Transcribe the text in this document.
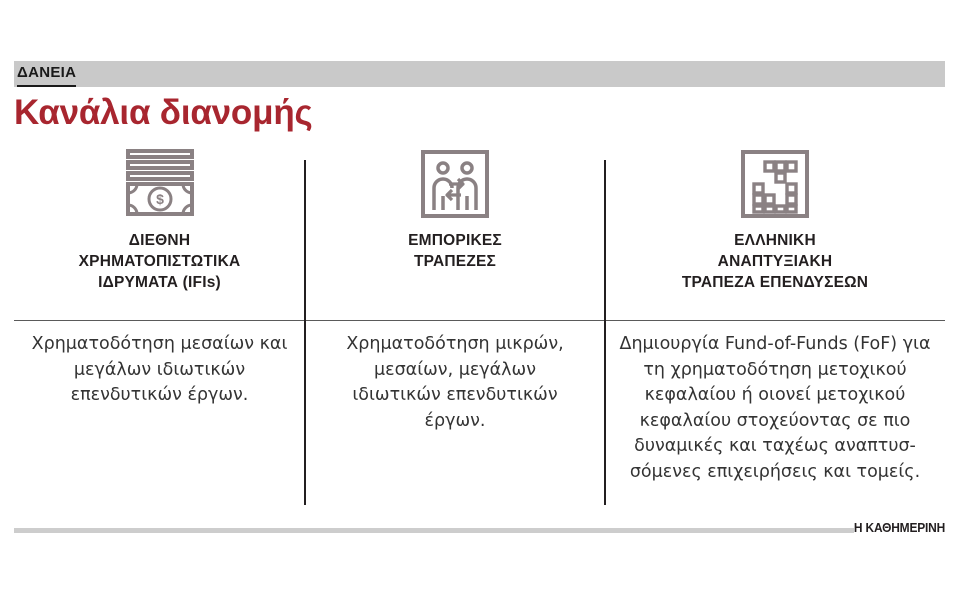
ΔΑΝΕΙΑ
Κανάλια διανομής
$
ΔΙΕΘΝΗ
ΧΡΗΜΑΤΟΠΙΣΤΩΤΙΚΑ
ΙΔΡΥΜΑΤΑ (IFIs)
Χρηματοδότηση μεσαίων και μεγάλων ιδιωτικών επενδυτικών έργων.
ΕΜΠΟΡΙΚΕΣ
ΤΡΑΠΕΖΕΣ
Χρηματοδότηση μικρών, μεσαίων, μεγάλων ιδιωτικών επενδυτικών έργων.
ΕΛΛΗΝΙΚΗ
ΑΝΑΠΤΥΞΙΑΚΗ
ΤΡΑΠΕΖΑ ΕΠΕΝΔΥΣΕΩΝ
Δημιουργία Fund-of-Funds (FoF) για τη χρηματοδότηση μετοχικού κεφαλαίου ή οιονεί μετοχικού κεφαλαίου στοχεύοντας σε πιο δυναμικές και ταχέως αναπτυσ-σόμενες επιχειρήσεις και τομείς.
Η ΚΑΘΗΜΕΡΙΝΗ
